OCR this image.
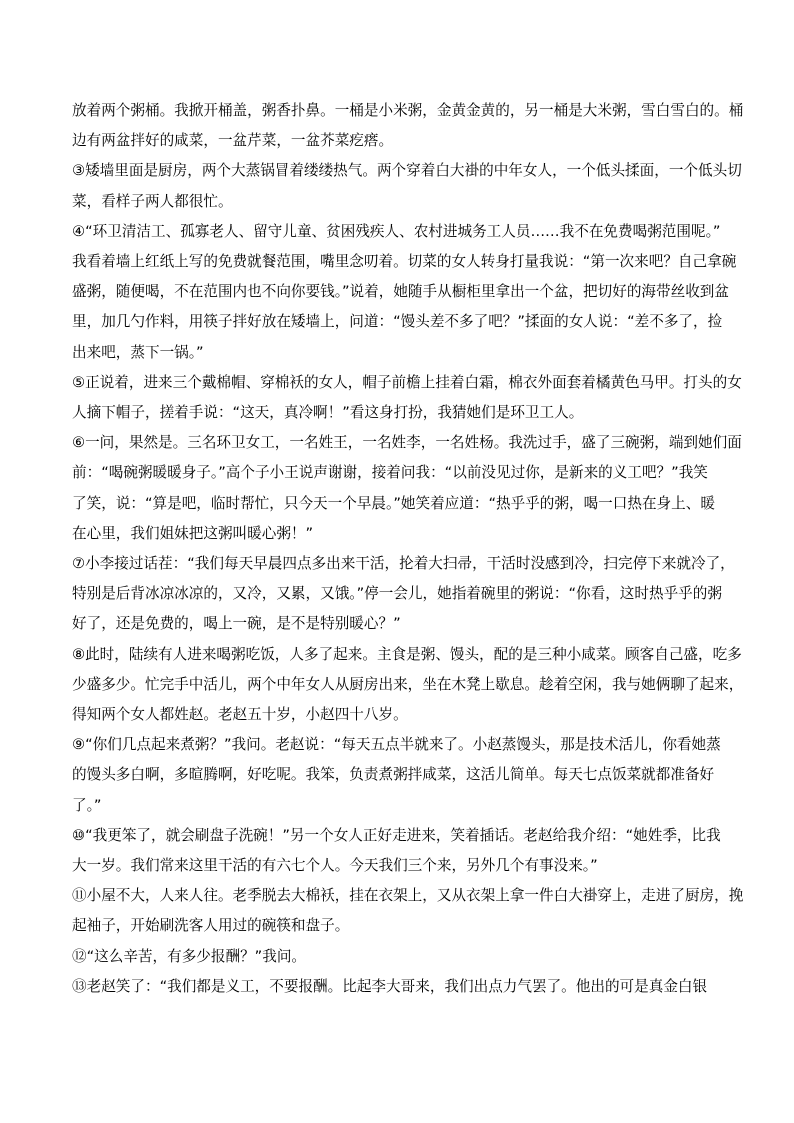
放着两个粥桶。我掀开桶盖，粥香扑鼻。一桶是小米粥，金黄金黄的，另一桶是大米粥，雪白雪白的。桶
边有两盆拌好的咸菜，一盆芹菜，一盆芥菜疙瘩。
③矮墙里面是厨房，两个大蒸锅冒着缕缕热气。两个穿着白大褂的中年女人，一个低头揉面，一个低头切
菜，看样子两人都很忙。
④“环卫清洁工、孤寡老人、留守儿童、贫困残疾人、农村进城务工人员……我不在免费喝粥范围呢。”
我看着墙上红纸上写的免费就餐范围，嘴里念叨着。切菜的女人转身打量我说：“第一次来吧？自己拿碗
盛粥，随便喝，不在范围内也不向你要钱。”说着，她随手从橱柜里拿出一个盆，把切好的海带丝收到盆
里，加几勺作料，用筷子拌好放在矮墙上，问道：“馒头差不多了吧？”揉面的女人说：“差不多了，捡
出来吧，蒸下一锅。”
⑤正说着，进来三个戴棉帽、穿棉袄的女人，帽子前檐上挂着白霜，棉衣外面套着橘黄色马甲。打头的女
人摘下帽子，搓着手说：“这天，真冷啊！”看这身打扮，我猜她们是环卫工人。
⑥一问，果然是。三名环卫女工，一名姓王，一名姓李，一名姓杨。我洗过手，盛了三碗粥，端到她们面
前：“喝碗粥暖暖身子。”高个子小王说声谢谢，接着问我：“以前没见过你，是新来的义工吧？”我笑
了笑，说：“算是吧，临时帮忙，只今天一个早晨。”她笑着应道：“热乎乎的粥，喝一口热在身上、暖
在心里，我们姐妹把这粥叫暖心粥！”
⑦小李接过话茬：“我们每天早晨四点多出来干活，抡着大扫帚，干活时没感到冷，扫完停下来就冷了，
特别是后背冰凉冰凉的，又冷，又累，又饿。”停一会儿，她指着碗里的粥说：“你看，这时热乎乎的粥
好了，还是免费的，喝上一碗，是不是特别暖心？”
⑧此时，陆续有人进来喝粥吃饭，人多了起来。主食是粥、馒头，配的是三种小咸菜。顾客自己盛，吃多
少盛多少。忙完手中活儿，两个中年女人从厨房出来，坐在木凳上歇息。趁着空闲，我与她俩聊了起来，
得知两个女人都姓赵。老赵五十岁，小赵四十八岁。
⑨“你们几点起来煮粥？”我问。老赵说：“每天五点半就来了。小赵蒸馒头，那是技术活儿，你看她蒸
的馒头多白啊，多暄腾啊，好吃呢。我笨，负责煮粥拌咸菜，这活儿简单。每天七点饭菜就都准备好
了。”
⑩“我更笨了，就会刷盘子洗碗！”另一个女人正好走进来，笑着插话。老赵给我介绍：“她姓季，比我
大一岁。我们常来这里干活的有六七个人。今天我们三个来，另外几个有事没来。”
⑪小屋不大，人来人往。老季脱去大棉袄，挂在衣架上，又从衣架上拿一件白大褂穿上，走进了厨房，挽
起袖子，开始刷洗客人用过的碗筷和盘子。
⑫“这么辛苦，有多少报酬？”我问。
⑬老赵笑了：“我们都是义工，不要报酬。比起李大哥来，我们出点力气罢了。他出的可是真金白银
